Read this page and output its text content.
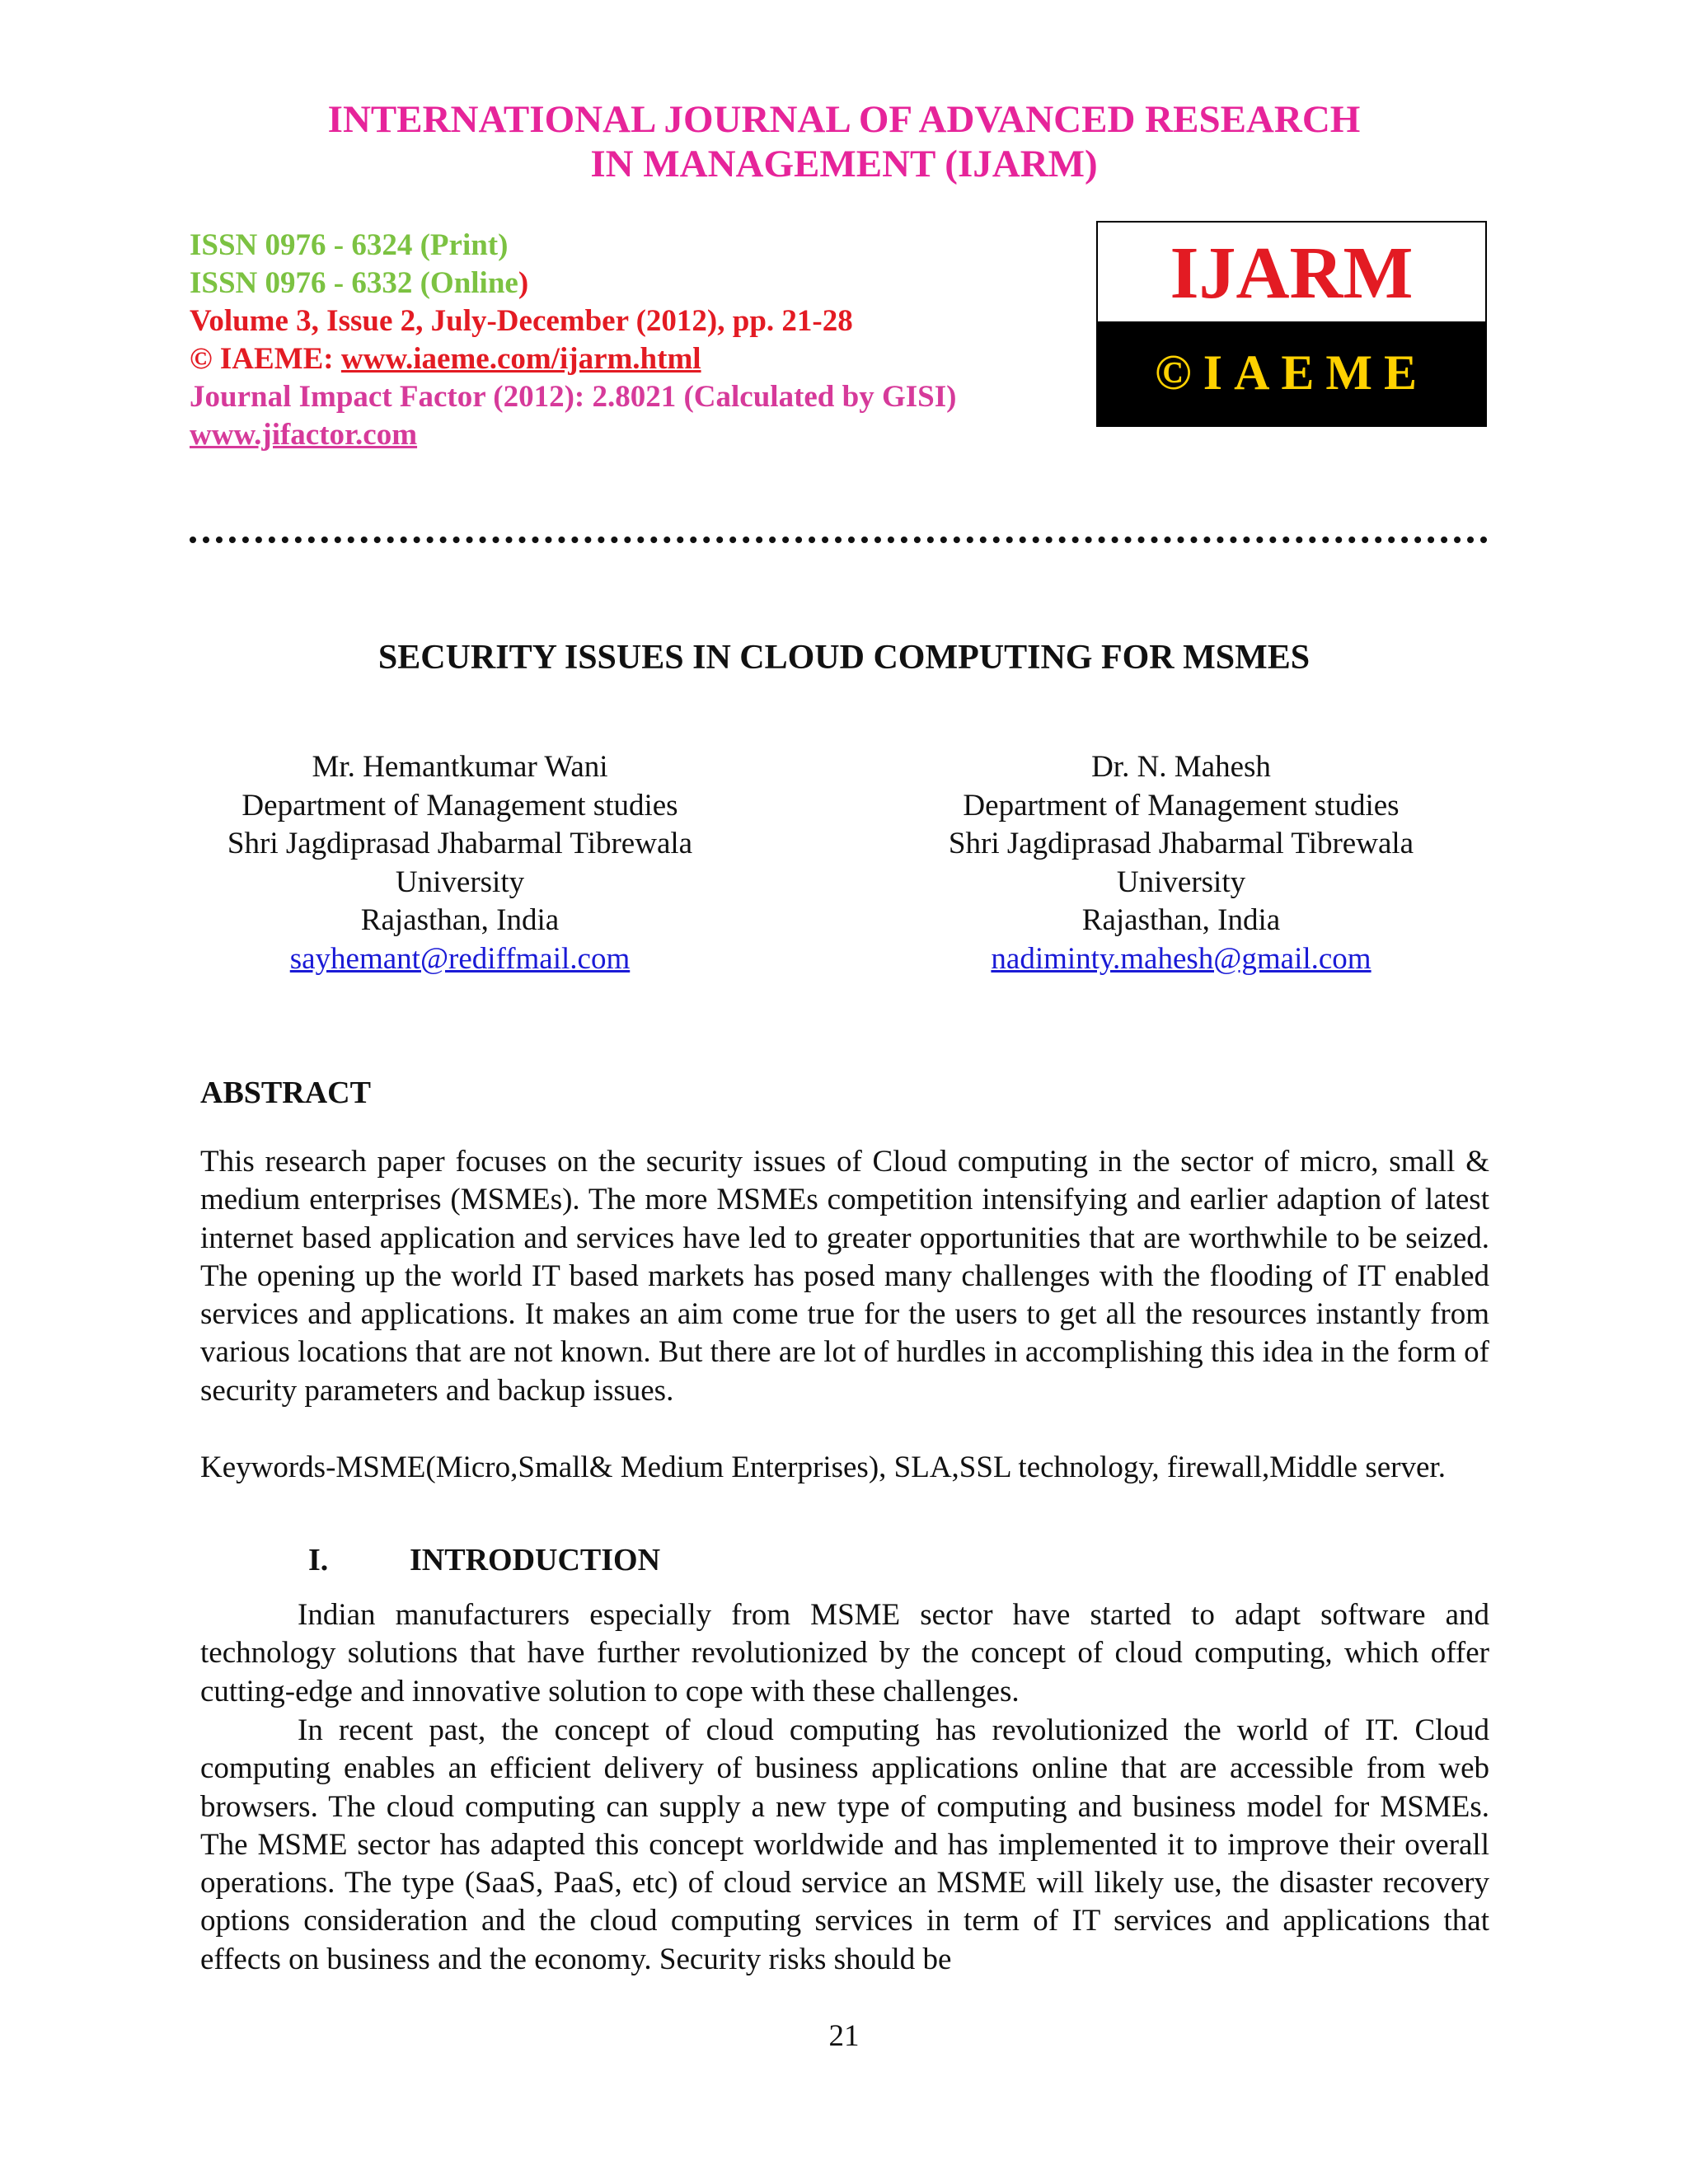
INTERNATIONAL JOURNAL OF ADVANCED RESEARCH
IN MANAGEMENT (IJARM)
ISSN 0976 - 6324 (Print)
ISSN 0976 - 6332 (Online)
Volume 3, Issue 2, July-December (2012), pp. 21-28
© IAEME: www.iaeme.com/ijarm.html
Journal Impact Factor (2012): 2.8021 (Calculated by GISI)
www.jifactor.com
IJARM
©IAEME
SECURITY ISSUES IN CLOUD COMPUTING FOR MSMES
Mr. Hemantkumar Wani
Department of Management studies
Shri Jagdiprasad Jhabarmal Tibrewala
University
Rajasthan, India
sayhemant@rediffmail.com
Dr. N. Mahesh
Department of Management studies
Shri Jagdiprasad Jhabarmal Tibrewala
University
Rajasthan, India
nadiminty.mahesh@gmail.com
ABSTRACT
This research paper focuses on the security issues of Cloud computing in the sector of micro, small & medium enterprises (MSMEs). The more MSMEs competition intensifying and earlier adaption of latest internet based application and services have led to greater opportunities that are worthwhile to be seized. The opening up the world IT based markets has posed many challenges with the flooding of IT enabled services and applications. It makes an aim come true for the users to get all the resources instantly from various locations that are not known. But there are lot of hurdles in accomplishing this idea in the form of security parameters and backup issues.
Keywords-MSME(Micro,Small& Medium Enterprises), SLA,SSL technology, firewall,Middle server.
I.	INTRODUCTION
Indian manufacturers especially from MSME sector have started to adapt software and technology solutions that have further revolutionized by the concept of cloud computing, which offer cutting-edge and innovative solution to cope with these challenges.
In recent past, the concept of cloud computing has revolutionized the world of IT. Cloud computing enables an efficient delivery of business applications online that are accessible from web browsers. The cloud computing can supply a new type of computing and business model for MSMEs. The MSME sector has adapted this concept worldwide and has implemented it to improve their overall operations. The type (SaaS, PaaS, etc) of cloud service an MSME will likely use, the disaster recovery options consideration and the cloud computing services in term of IT services and applications that effects on business and the economy. Security risks should be
21
